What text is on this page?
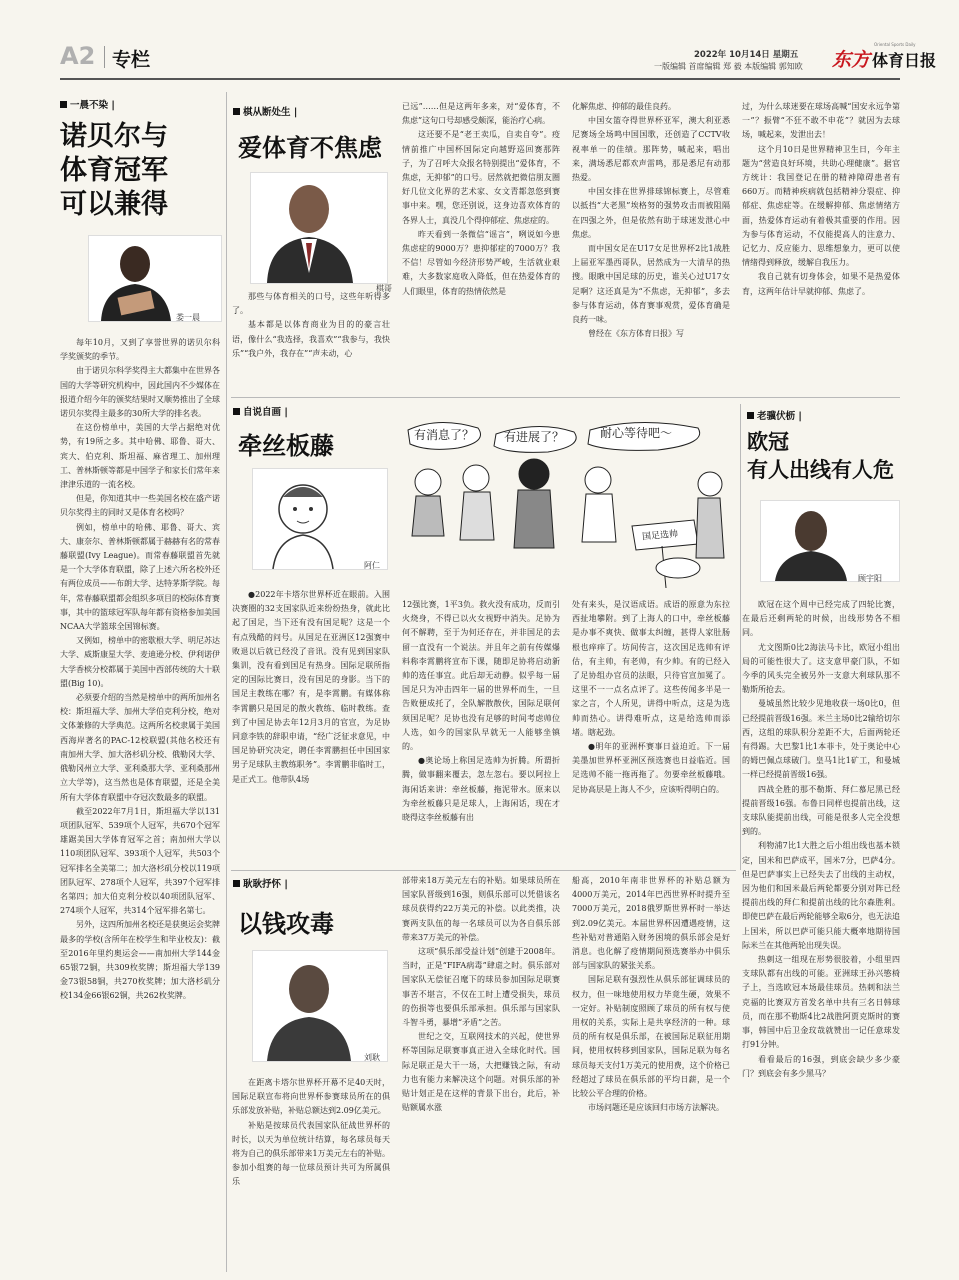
A2 专栏	2022年 10月14日 星期五
一版编辑 首席编辑 郑 毅 本版编辑 郭知欧 东方
Oriental Sports Daily
体育日报
一晨不染 |
诺贝尔与
体育冠军
可以兼得
娄一晨

每年10月，又到了享誉世界的诺贝尔科学奖颁奖的季节。

由于诺贝尔科学奖得主大都集中在世界各国的大学等研究机构中，因此国内不少媒体在报道介绍今年的颁奖结果时又顺势推出了全球诺贝尔奖得主最多的30所大学的排名表。

在这份榜单中，美国的大学占据绝对优势，有19所之多。其中哈佛、耶鲁、哥大、宾大、伯克利、斯坦福、麻省理工、加州理工、普林斯顿等都是中国学子和家长们常年来津津乐道的一流名校。

但是，你知道其中一些美国名校在盛产诺贝尔奖得主的同时又是体育名校吗？

例如，榜单中的哈佛、耶鲁、哥大、宾大、康奈尔、普林斯顿都属于赫赫有名的常春藤联盟(Ivy League)。而常春藤联盟首先就是一个大学体育联盟，除了上述六所名校外还有两位成员——布朗大学、达特茅斯学院。每年，常春藤联盟都会组织多项目的校际体育赛事，其中的篮球冠军队每年都有资格参加美国NCAA大学篮球全国锦标赛。

又例如，榜单中的密歇根大学、明尼苏达大学、威斯康星大学、麦迪逊分校、伊利诺伊大学香槟分校都属于美国中西部传统的大十联盟(Big 10)。

必须要介绍的当然是榜单中的两所加州名校：斯坦福大学、加州大学伯克利分校，绝对文体兼修的大学典范。这两所名校隶属于美国西海岸著名的PAC-12校联盟(其他名校还有南加州大学、加大洛杉矶分校、俄勒冈大学、俄勒冈州立大学、亚利桑那大学、亚利桑那州立大学等)，这当然也是体育联盟，还是全美所有大学体育联盟中夺冠次数最多的联盟。

截至2022年7月1日，斯坦福大学以131项团队冠军、539项个人冠军，共670个冠军雄踞美国大学体育冠军之首；南加州大学以110项团队冠军、393项个人冠军，共503个冠军排名全美第二；加大洛杉矶分校以119项团队冠军、278项个人冠军，共397个冠军排名第四；加大伯克利分校以40项团队冠军、274项个人冠军，共314个冠军排名第七。

另外，这四所加州名校还是获奥运会奖牌最多的学校(含所年在校学生和毕业校友)：截至2016年里约奥运会——南加州大学144金65银72铜，共309枚奖牌；斯坦福大学139金73银58铜，共270枚奖牌；加大洛杉矶分校134金66银62铜，共262枚奖牌。

棋从断处生 |
爱体育不焦虑
棋哥

那些与体育相关的口号，这些年听得多了。

基本都是以体育商业为目的的豪言壮语，像什么“我选择，我喜欢”“我参与，我快乐”“我户外，我存在”“声未动，心

已远”……但是这两年多来，对“爱体育，不焦虑”这句口号却感受颇深，能治疗心病。

这还要不是“老王卖瓜，自卖自夸”。疫情前推广中国杯国际定向越野巡回赛那阵子，为了召呼大众报名特别提出“爱体育，不焦虑，无抑郁”的口号。居然就把微信朋友圈好几位文化界的艺术家、女文青都忽悠到赛事中来。嘿，您还别说，这身边喜欢体育的各界人士，真没几个得抑郁症、焦虑症的。

昨天看到一条微信“谣言”，咧说如今患焦虑症的9000万？患抑郁症的7000万？我不信！尽管如今经济形势严峻，生活就业艰难，大多数家庭收入降低，但在热爱体育的人们眼里，体育的热情依然是

化解焦虑、抑郁的最佳良药。

中国女篮夺得世界杯亚军，澳大利亚悉尼赛场全场鸣中国国歌，还创造了CCTV收视率单一的佳绩。那阵势，喊起来，唱出来，满场悉尼都欢声雷鸣，那是悉尼有动那热爱。

中国女排在世界排球锦标赛上，尽管难以抵挡“大老黑”埃格努的强势攻击而被阻隔在四强之外，但是依然有助于球迷发泄心中焦虑。

而中国女足在U17女足世界杯2比1战胜上届亚军墨西哥队，居然成为一大清早的热搜。眼瞅中国足球的历史，谁关心过U17女足啊？这还真是为“不焦虑，无抑郁”，多去参与体育运动，体育赛事观赏，爱体育确是良药一味。

曾经在《东方体育日报》写

过，为什么球迷要在球场高喊“国安永远争第一”？振臂“不狂不敢不申花”？就因为去球场，喊起来，发泄出去！

这个月10日是世界精神卫生日，今年主题为“营造良好环境，共助心理健康”。据官方统计：我国登记在册的精神障碍患者有660万。而精神疾病就包括精神分裂症、抑郁症、焦虑症等。在缓解抑郁、焦虑情绪方面，热爱体育运动有着极其重要的作用。因为参与体育运动，不仅能提高人的注意力、记忆力、反应能力、思维想象力，更可以使情绪得到释放，缓解自我压力。

我自己就有切身体会，如果不是热爱体育，这两年估计早就抑郁、焦虑了。

自说自画 |
牵丝板藤
阿仁
有消息了？ 有进展了？	耐心等待吧～
国足选帅

●2022年卡塔尔世界杯近在眼前。入围决赛圈的32支国家队近来纷纷热身，就此比起了国足，当下还有没有国足呢？这是一个有点残酷的问号。从国足在亚洲区12强赛中败退以后就已经没了音讯。没有见到国家队集训，没有看到国足有热身。国际足联所指定的国际比赛日，没有国足的身影。当下的国足主教练在哪？有，是李霄鹏。有媒体称李霄鹏只是国足的散火教练、临时教练。查到了中国足协去年12月3月的官宣，为足协同意李铁的辞职申请，“经广泛征求意见，中国足协研究决定，聘任李霄鹏担任中国国家男子足球队主教练职务”。李霄鹏非临时工，是正式工。他带队4场

12强比赛，1平3负。救火没有成功，反而引火烧身，不得已以火女视野中消失。足协为何不解聘，至于为何还存在，并非国足的去留一直没有一个说法。并且年之前有传媒爆料称李霄鹏将宣布下课，随即足协将启动新帅的选任事宜。此后却无动静。似乎每一届国足只为冲击四年一届的世界杯而生，一旦告败便成托了，全队解散散伙，国际足联何须国足呢？足协也没有足够的时间考虑帅位人选，如今的国家队早就无一人能够坐镇的。

●奥论场上称国足选帅为折腾。所谓折腾，做事翻来覆去，忽左忽右。要以阿拉上海闲话来讲：牵丝板藤，拖泥带水。原来以为牵丝板藤只是足球人，上海闲话，现在才晓得这李丝板藤有出

处有来头，是汉语成语。成语的原意为东拉西扯地攀附。到了上海人的口中，牵丝板藤是办事不爽快、做事太纠缠，甚得人家肚肠根也痒痒了。坊间传言，这次国足选帅有评估，有主帅，有老帅，有少帅。有的已经入了足协组办官员的法眼，只待官宣加冕了。这里不一一点名点评了。这些传闻多半是一家之言，个人所见，讲得中听点，这是为选帅而热心。讲得难听点，这是给选帅而添堵。瞎起劲。

●明年的亚洲杯赛事日益迫近。下一届美墨加世界杯亚洲区预选赛也日益临近。国足选帅不能一拖再拖了。勿要牵丝板藤哦。足协高层是上海人不少，应该听得明白的。

老骥伏枥 |
欧冠
有人出线有人危
顾宇阳

欧冠在这个周中已经完成了四轮比赛，在最后还剩两轮的时候，出线形势各不相同。

尤文图斯0比2海法马卡比，欧冠小组出局的可能性很大了。这支意甲豪门队，不如今季的风头完全被另外一支意大利球队那不勒斯所抢去。

曼城虽然比较少见地收获一场0比0，但已经提前晋级16强。米兰主场0比2输给切尔西，这组的球队积分差距不大，后面两轮还有得踢。大巴黎1比1本菲卡，处于奥论中心的姆巴佩点球破门。皇马1比1矿工，和曼城一样已经提前晋级16强。

四战全胜的那不勒斯、拜仁慕尼黑已经提前晋级16强。布鲁日同样也提前出线，这支球队能提前出线，可能是很多人完全没想到的。

利物浦7比1大胜之后小组出线也基本锁定，国米和巴萨成平，国米7分，巴萨4分。但是巴萨事实上已经失去了出线的主动权，因为他们和国米最后两轮都要分别对阵已经提前出线的拜仁和提前出线的比尔森胜利。即使巴萨在最后两轮能够全取6分，也无法追上国米，所以巴萨可能只能大概率地期待国际米兰在其他两轮出现失误。

热刺这一组现在形势很胶着，小组里四支球队都有出线的可能。亚洲球王孙兴慜椅子上，当选欧冠本场最佳球员。热刺和法兰克福的比赛双方首发名单中共有三名日韩球员，而在那不勒斯4比2战胜阿贾克斯时的赛事，韩国中后卫金玟哉就赞出一记任意球发打91分钟。

看看最后的16强，到底会缺少多少豪门？到底会有多少黑马？

耿耿抒怀 |
以钱攻毒
刘耿

在距离卡塔尔世界杯开幕不足40天时，国际足联宣布将向世界杯参赛球员所在的俱乐部发放补贴，补贴总额达到2.09亿美元。

补贴是按球员代表国家队征战世界杯的时长，以天为单位统计结算，每名球员每天将为自己的俱乐部带来1万美元左右的补贴。参加小组赛的每一位球员预计共可为所属俱乐

部带来18万美元左右的补贴。如果球员所在国家队晋级到16强，则俱乐部可以凭借该名球员获得约22万美元的补偿。以此类推，决赛两支队伍的每一名球员可以为各自俱乐部带来37万美元的补偿。

这项“俱乐部受益计划”创建于2008年。当时，正是“FIFA病毒”肆虐之时。俱乐部对国家队无偿征召麾下的球员参加国际足联赛事苦不堪言，不仅在工时上遭受损失，球员的伤损等也要俱乐部承担。俱乐部与国家队斗智斗勇，暴增“矛盾”之苦。

世纪之交，互联网技术的兴起，使世界杯等国际足联赛事真正进入全球化时代。国际足联正是大干一场，大把赚钱之际，有动力也有能力来解决这个问题。对俱乐部的补贴计划正是在这样的背景下出台，此后，补贴额属水涨

船高，2010年南非世界杯的补贴总额为4000万美元，2014年巴西世界杯时提升至7000万美元，2018俄罗斯世界杯时一举达到2.09亿美元。本届世界杯因遭遇疫情，这些补贴对普通陷入财务困境的俱乐部会是好消息。也化解了疫情期间预选赛举办中俱乐部与国家队的紧张关系。

国际足联有强烈性从俱乐部征调球员的权力，但一味地使用权力毕竟生硬，效果不一定好。补贴制度照顾了球员的所有权与使用权的关系，实际上是共享经济的一种。球员的所有权是俱乐部，在被国际足联征用期间，使用权转移到国家队，国际足联为每名球员每天支付1万美元的使用费，这个价格已经超过了球员在俱乐部的平均日薪，是一个比较公平合理的价格。

市场问题还是应该回归市场方法解决。
